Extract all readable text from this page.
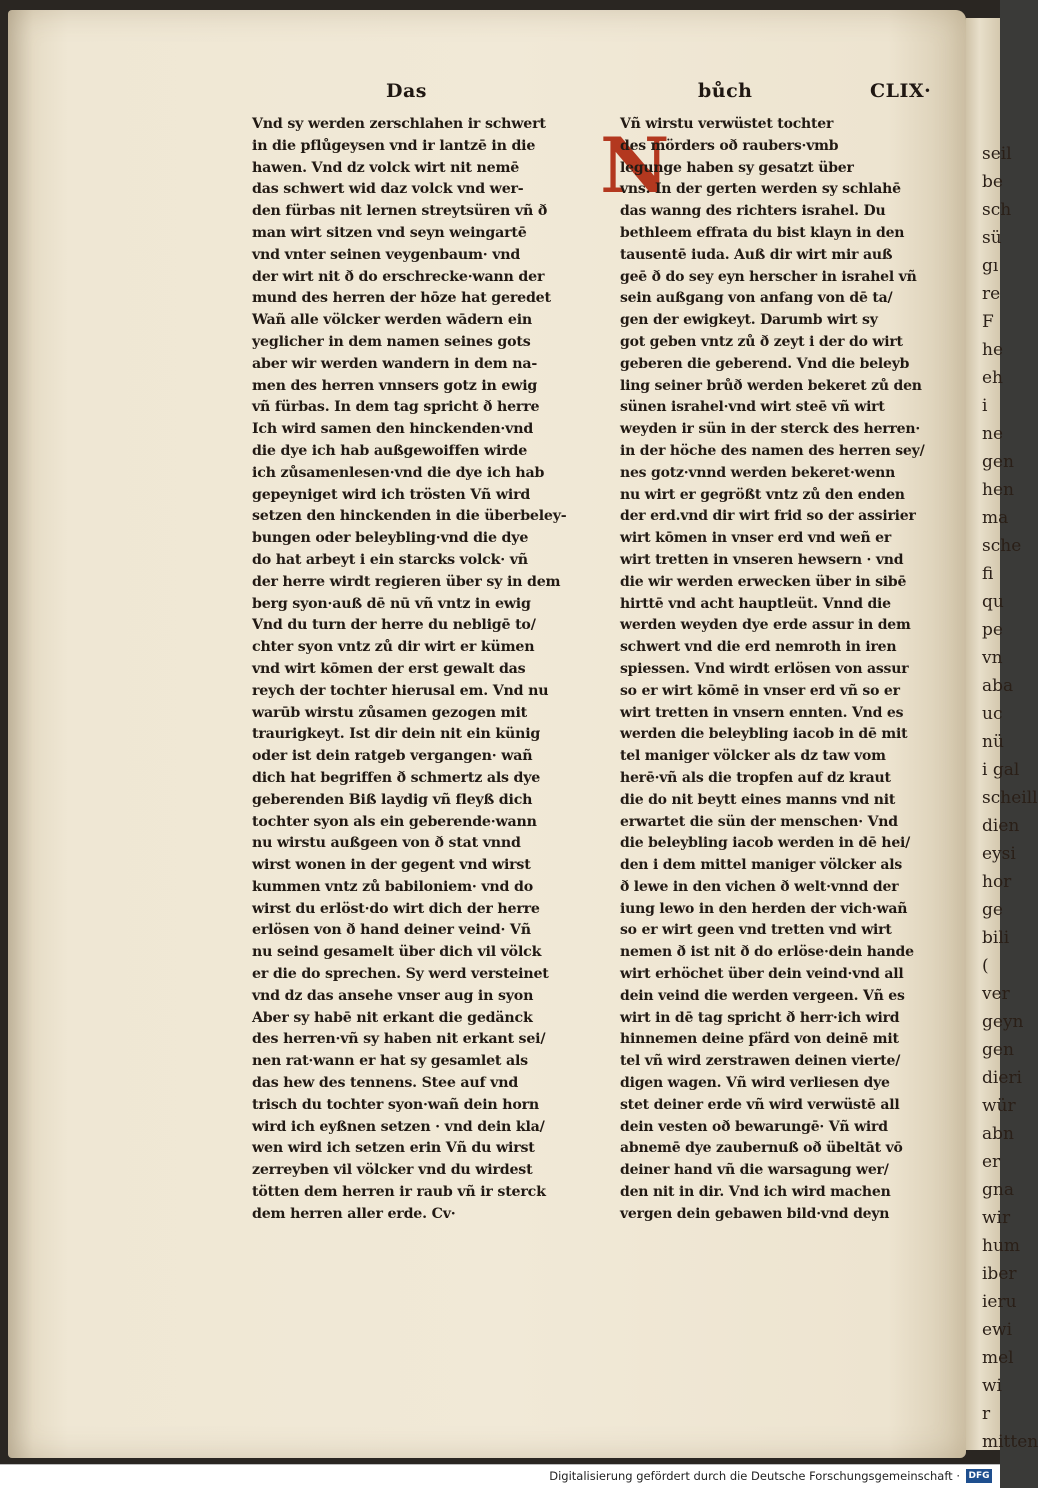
Das	bůch	CLIX·
Vnd sy werden zerschlahen ir schwert
in die pflůgeysen vnd ir lantzē in die
hawen. Vnd dz volck wirt nit nemē
das schwert wid daz volck vnd wer-
den fürbas nit lernen streytsüren vñ ð
man wirt sitzen vnd seyn weingartē
vnd vnter seinen veygenbaum· vnd
der wirt nit ð do erschrecke·wann der
mund des herren der hōze hat geredet
Wañ alle völcker werden wādern ein
yeglicher in dem namen seines gots
aber wir werden wandern in dem na-
men des herren vnnsers gotz in ewig
vñ fürbas. In dem tag spricht ð herre
Ich wird samen den hinckenden·vnd
die dye ich hab außgewoiffen wirde
ich zůsamenlesen·vnd die dye ich hab
gepeyniget wird ich trösten Vñ wird
setzen den hinckenden in die überbeley-
bungen oder beleybling·vnd die dye
do hat arbeyt i ein starcks volck· vñ
der herre wirdt regieren über sy in dem
berg syon·auß dē nū vñ vntz in ewig
Vnd du turn der herre du nebligē to/
chter syon vntz zů dir wirt er kümen
vnd wirt kōmen der erst gewalt das
reych der tochter hierusal em. Vnd nu
warūb wirstu zůsamen gezogen mit
traurigkeyt. Ist dir dein nit ein künig
oder ist dein ratgeb vergangen· wañ
dich hat begriffen ð schmertz als dye
geberenden Biß laydig vñ fleyß dich
tochter syon als ein geberende·wann
nu wirstu außgeen von ð stat vnnd
wirst wonen in der gegent vnd wirst
kummen vntz zů babiloniem· vnd do
wirst du erlöst·do wirt dich der herre
erlösen von ð hand deiner veind· Vñ
nu seind gesamelt über dich vil völck
er die do sprechen. Sy werd versteinet
vnd dz das ansehe vnser aug in syon
Aber sy habē nit erkant die gedänck
des herren·vñ sy haben nit erkant sei/
nen rat·wann er hat sy gesamlet als
das hew des tennens. Stee auf vnd
trisch du tochter syon·wañ dein horn
wird ich eyßnen setzen · vnd dein kla/
wen wird ich setzen erin Vñ du wirst
zerreyben vil völcker vnd du wirdest
tötten dem herren ir raub vñ ir sterck
dem herren aller erde. Cv·
N
Vñ wirstu verwüstet tochter
des mörders oð raubers·vmb
legunge haben sy gesatzt über
vns. In der gerten werden sy schlahē
das wanng des richters israhel. Du
bethleem effrata du bist klayn in den
tausentē iuda. Auß dir wirt mir auß
geē ð do sey eyn herscher in israhel vñ
sein außgang von anfang von dē ta/
gen der ewigkeyt. Darumb wirt sy
got geben vntz zů ð zeyt i der do wirt
geberen die geberend. Vnd die beleyb
ling seiner brůð werden bekeret zů den
sünen israhel·vnd wirt steē vñ wirt
weyden ir sün in der sterck des herren·
in der höche des namen des herren sey/
nes gotz·vnnd werden bekeret·wenn
nu wirt er gegrößt vntz zů den enden
der erd.vnd dir wirt frid so der assirier
wirt kōmen in vnser erd vnd weñ er
wirt tretten in vnseren hewsern · vnd
die wir werden erwecken über in sibē
hirttē vnd acht hauptleüt. Vnnd die
werden weyden dye erde assur in dem
schwert vnd die erd nemroth in iren
spiessen. Vnd wirdt erlösen von assur
so er wirt kōmē in vnser erd vñ so er
wirt tretten in vnsern ennten. Vnd es
werden die beleybling iacob in dē mit
tel maniger völcker als dz taw vom
herē·vñ als die tropfen auf dz kraut
die do nit beytt eines manns vnd nit
erwartet die sün der menschen· Vnd
die beleybling iacob werden in dē hei/
den i dem mittel maniger völcker als
ð lewe in den vichen ð welt·vnnd der
iung lewo in den herden der vich·wañ
so er wirt geen vnd tretten vnd wirt
nemen ð ist nit ð do erlöse·dein hande
wirt erhöchet über dein veind·vnd all
dein veind die werden vergeen. Vñ es
wirt in dē tag spricht ð herr·ich wird
hinnemen deine pfärd von deinē mit
tel vñ wird zerstrawen deinen vierte/
digen wagen. Vñ wird verliesen dye
stet deiner erde vñ wird verwüstē all
dein vesten oð bewarungē· Vñ wird
abnemē dye zaubernuß oð übeltāt vō
deiner hand vñ die warsagung wer/
den nit in dir. Vnd ich wird machen
vergen dein gebawen bild·vnd deyn
seil
be
sch
sü
gı
re
F
he
eh
i
ne
gen
hen
ma
sche
fi
qu
pe
vn
aba
uc
nü
i gal
scheill
dien
eysi
hor
ge
bili
(
ver
geyn
gen
dieri
wür
abn
er
gna
wir
hum
iber
ieru
ewi
mel
wi
r
mitten
Digitalisierung gefördert durch die Deutsche Forschungsgemeinschaft · DFG
